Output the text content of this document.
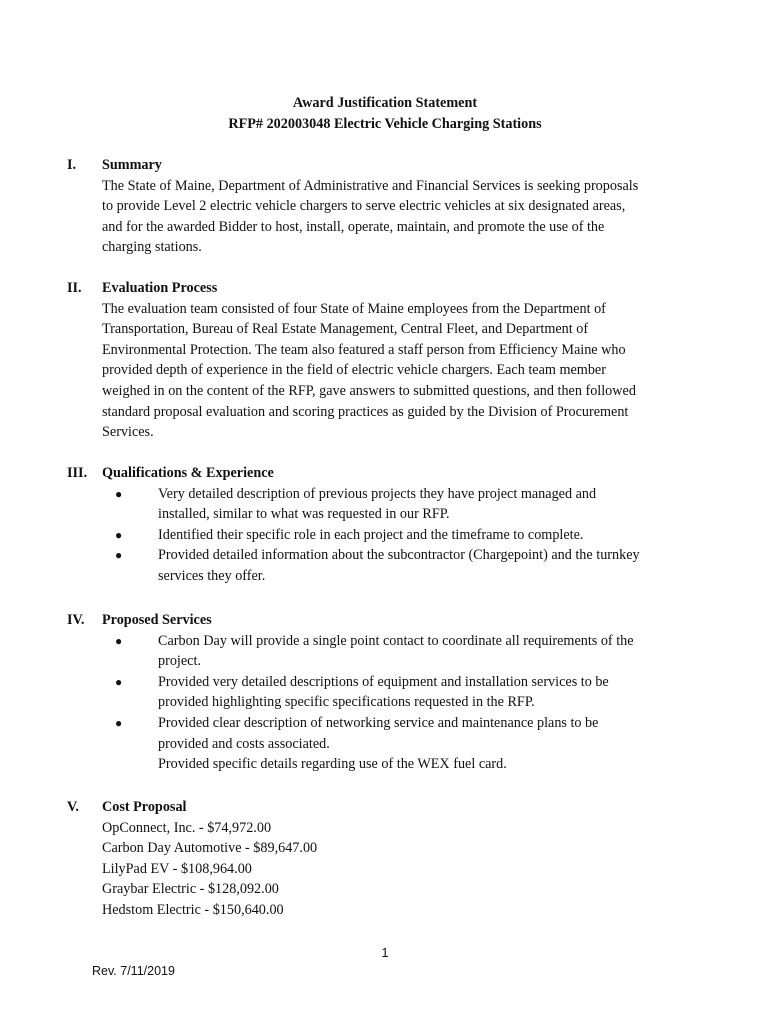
Award Justification Statement
RFP# 202003048 Electric Vehicle Charging Stations
I.	Summary

The State of Maine, Department of Administrative and Financial Services is seeking proposals

to provide Level 2 electric vehicle chargers to serve electric vehicles at six designated areas,

and for the awarded Bidder to host, install, operate, maintain, and promote the use of the

charging stations.

II.	Evaluation Process

The evaluation team consisted of four State of Maine employees from the Department of

Transportation, Bureau of Real Estate Management, Central Fleet, and Department of

Environmental Protection. The team also featured a staff person from Efficiency Maine who

provided depth of experience in the field of electric vehicle chargers. Each team member

weighed in on the content of the RFP, gave answers to submitted questions, and then followed

standard proposal evaluation and scoring practices as guided by the Division of Procurement

Services.

III.	Qualifications & Experience
●	Very detailed description of previous projects they have project managed and
installed, similar to what was requested in our RFP.
●	Identified their specific role in each project and the timeframe to complete.
●	Provided detailed information about the subcontractor (Chargepoint) and the turnkey
services they offer.
IV.	Proposed Services
●	Carbon Day will provide a single point contact to coordinate all requirements of the
project.
●	Provided very detailed descriptions of equipment and installation services to be
provided highlighting specific specifications requested in the RFP.
●	Provided clear description of networking service and maintenance plans to be
provided and costs associated.
Provided specific details regarding use of the WEX fuel card.
V.	Cost Proposal

OpConnect, Inc. - $74,972.00

Carbon Day Automotive - $89,647.00

LilyPad EV - $108,964.00

Graybar Electric - $128,092.00

Hedstom Electric - $150,640.00

1
Rev. 7/11/2019
